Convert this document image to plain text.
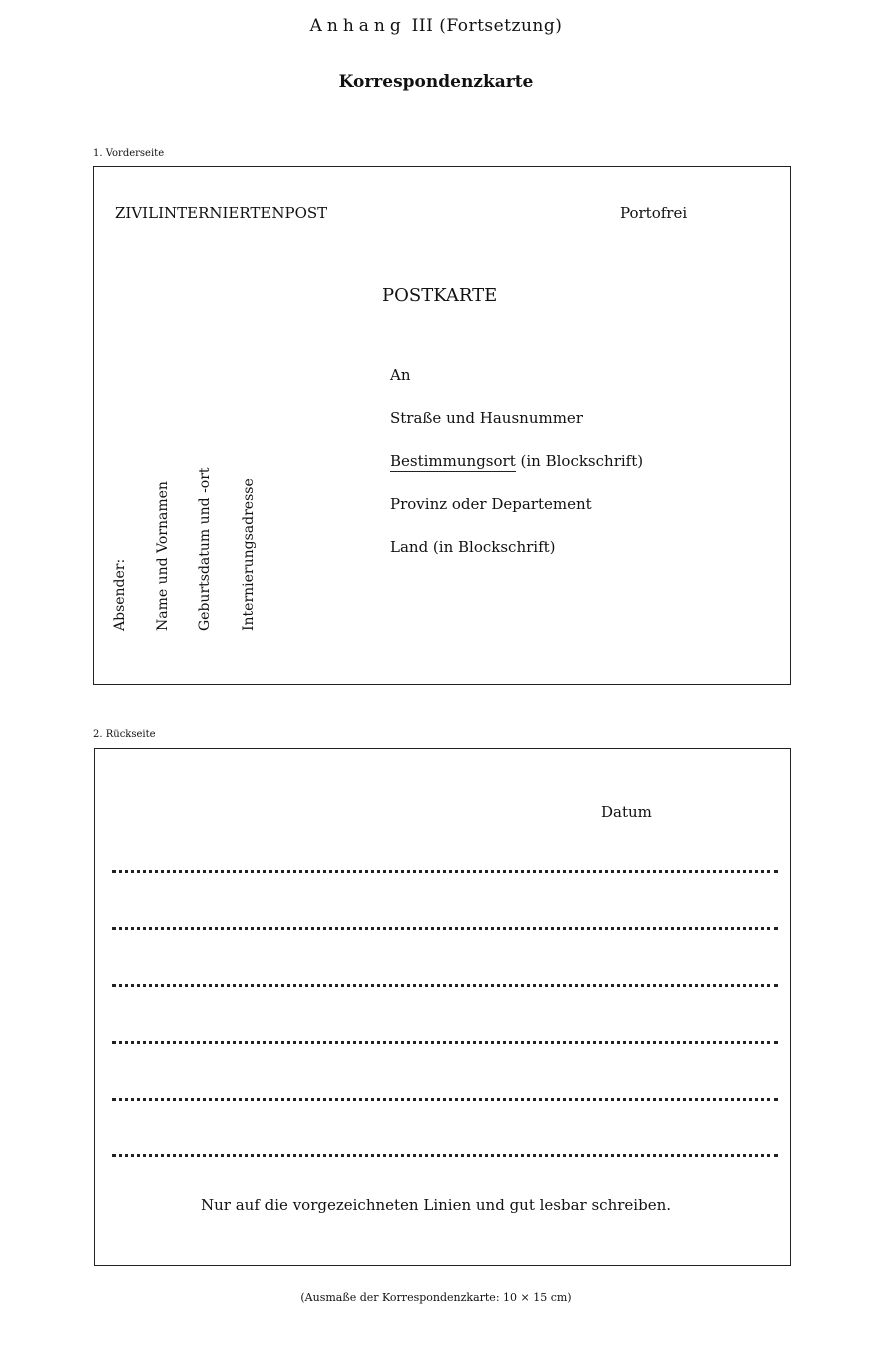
Anhang III (Fortsetzung)
Korrespondenzkarte
1. Vorderseite
ZIVILINTERNIERTENPOST	Portofrei
POSTKARTE
An
Straße und Hausnummer
Bestimmungsort (in Blockschrift)
Provinz oder Departement
Land (in Blockschrift)
Absender: Name und Vornamen Geburtsdatum und -ort Internierungsadresse
2. Rückseite
Datum
Nur auf die vorgezeichneten Linien und gut lesbar schreiben.
(Ausmaße der Korrespondenzkarte: 10 × 15 cm)
